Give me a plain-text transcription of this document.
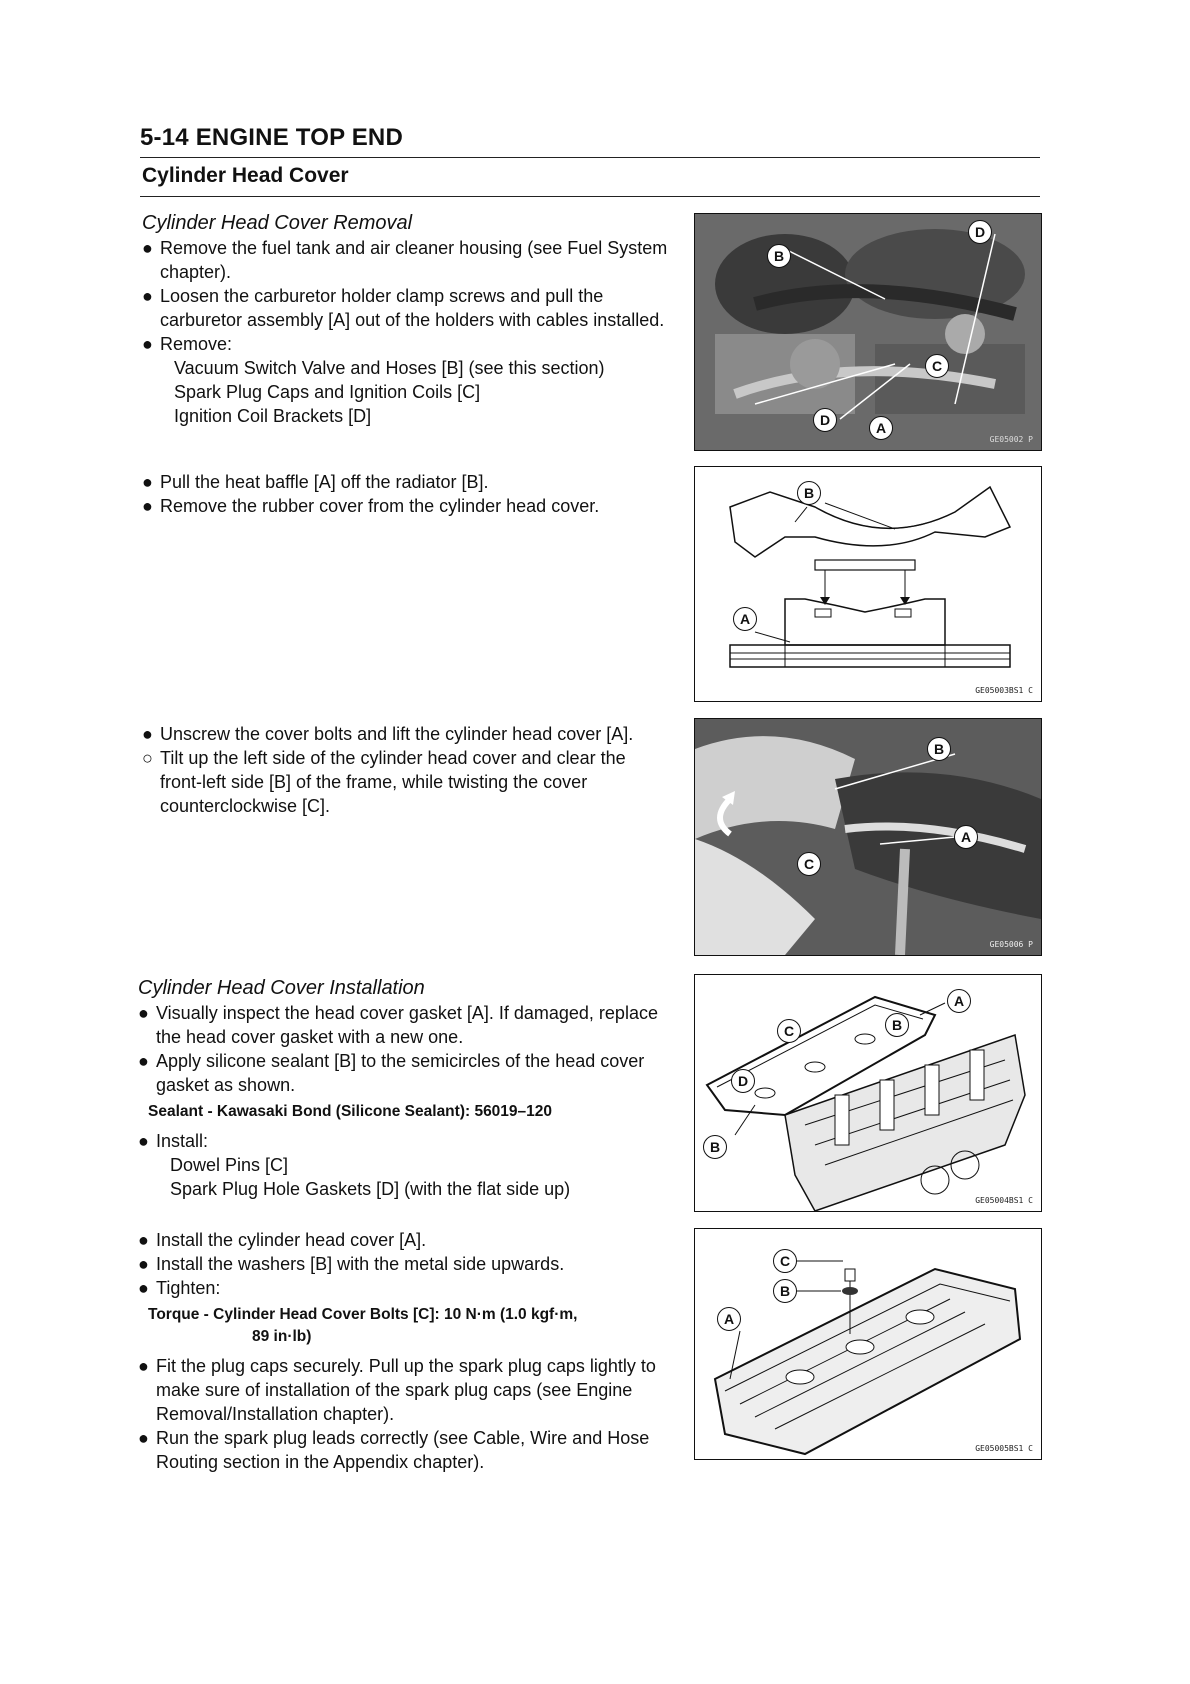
5-14 ENGINE TOP END
Cylinder Head Cover
Cylinder Head Cover Removal
● Remove the fuel tank and air cleaner housing (see Fuel System chapter).
● Loosen the carburetor holder clamp screws and pull the carburetor assembly [A] out of the holders with cables installed.
● Remove:
Vacuum Switch Valve and Hoses [B] (see this section)
Spark Plug Caps and Ignition Coils [C]
Ignition Coil Brackets [D]
● Pull the heat baffle [A] off the radiator [B].
● Remove the rubber cover from the cylinder head cover.
● Unscrew the cover bolts and lift the cylinder head cover [A].
○ Tilt up the left side of the cylinder head cover and clear the front-left side [B] of the frame, while twisting the cover counterclockwise [C].
Cylinder Head Cover Installation
● Visually inspect the head cover gasket [A]. If damaged, replace the head cover gasket with a new one.
● Apply silicone sealant [B] to the semicircles of the head cover gasket as shown.
Sealant - Kawasaki Bond (Silicone Sealant): 56019–120
● Install:
Dowel Pins [C]
Spark Plug Hole Gaskets [D] (with the flat side up)
● Install the cylinder head cover [A].
● Install the washers [B] with the metal side upwards.
● Tighten:
Torque - Cylinder Head Cover Bolts [C]: 10 N·m (1.0 kgf·m,
89 in·lb)
● Fit the plug caps securely. Pull up the spark plug caps lightly to make sure of installation of the spark plug caps (see Engine Removal/Installation chapter).
● Run the spark plug leads correctly (see Cable, Wire and Hose Routing section in the Appendix chapter).
D
B
C
D	A
GE05002 P
B
A
GE05003BS1 C
B
A
C
GE05006 P
A
C	B
D
B
GE05004BS1 C
C
B
A
GE05005BS1 C
